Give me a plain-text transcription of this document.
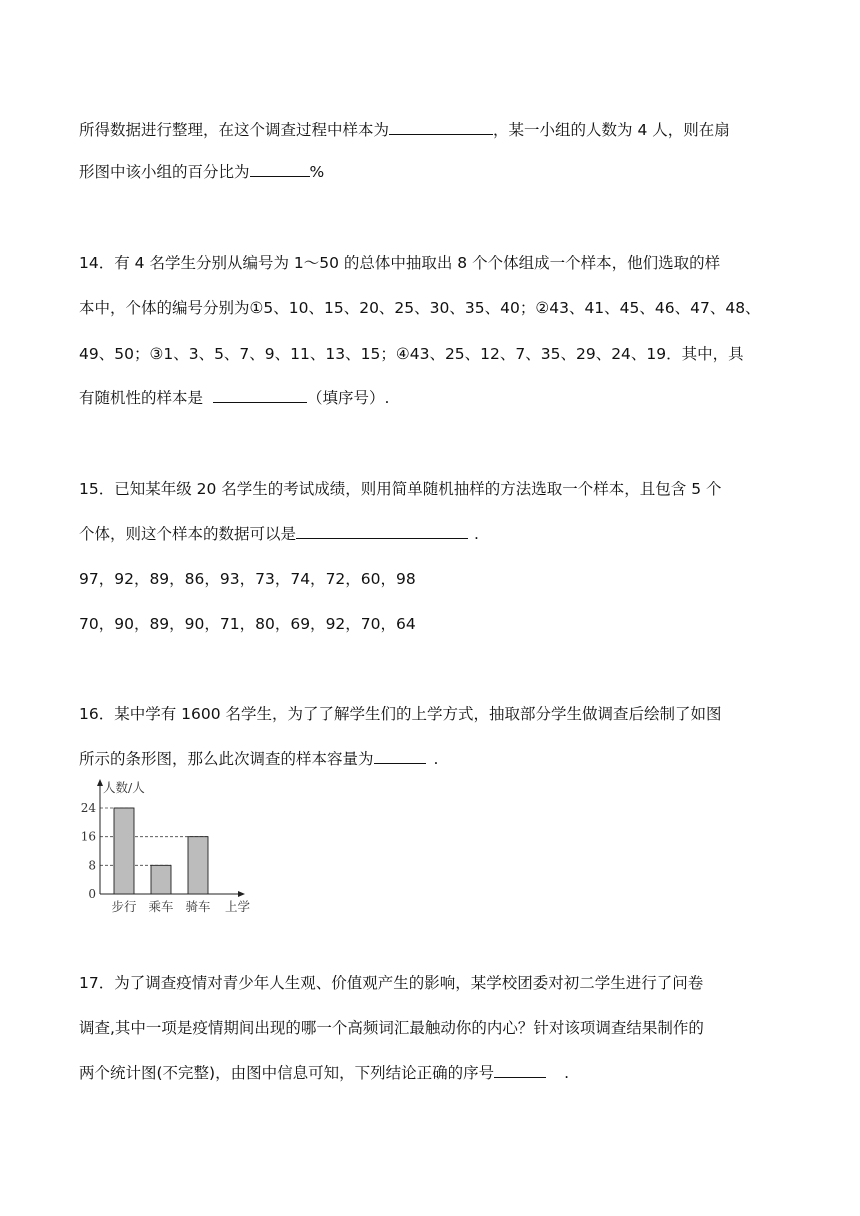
所得数据进行整理，在这个调查过程中样本为	，某一小组的人数为 4 人，则在扇
形图中该小组的百分比为	%
14．有 4 名学生分别从编号为 1～50 的总体中抽取出 8 个个体组成一个样本，他们选取的样
本中，个体的编号分别为①5、10、15、20、25、30、35、40；②43、41、45、46、47、48、
49、50；③1、3、5、7、9、11、13、15；④43、25、12、7、35、29、24、19．其中，具
有随机性的样本是	（填序号）.
15．已知某年级 20 名学生的考试成绩，则用简单随机抽样的方法选取一个样本，且包含 5 个
个体，则这个样本的数据可以是	.
97，92，89，86，93，73，74，72，60，98
70，90，89，90，71，80，69，92，70，64
16．某中学有 1600 名学生，为了了解学生们的上学方式，抽取部分学生做调查后绘制了如图
所示的条形图，那么此次调查的样本容量为	.
0
8
16
24
步行 乘车 骑车
人数/人
上学
17．为了调查疫情对青少年人生观、价值观产生的影响，某学校团委对初二学生进行了问卷
调查,其中一项是疫情期间出现的哪一个高频词汇最触动你的内心？针对该项调查结果制作的
两个统计图(不完整)，由图中信息可知，下列结论正确的序号	.
